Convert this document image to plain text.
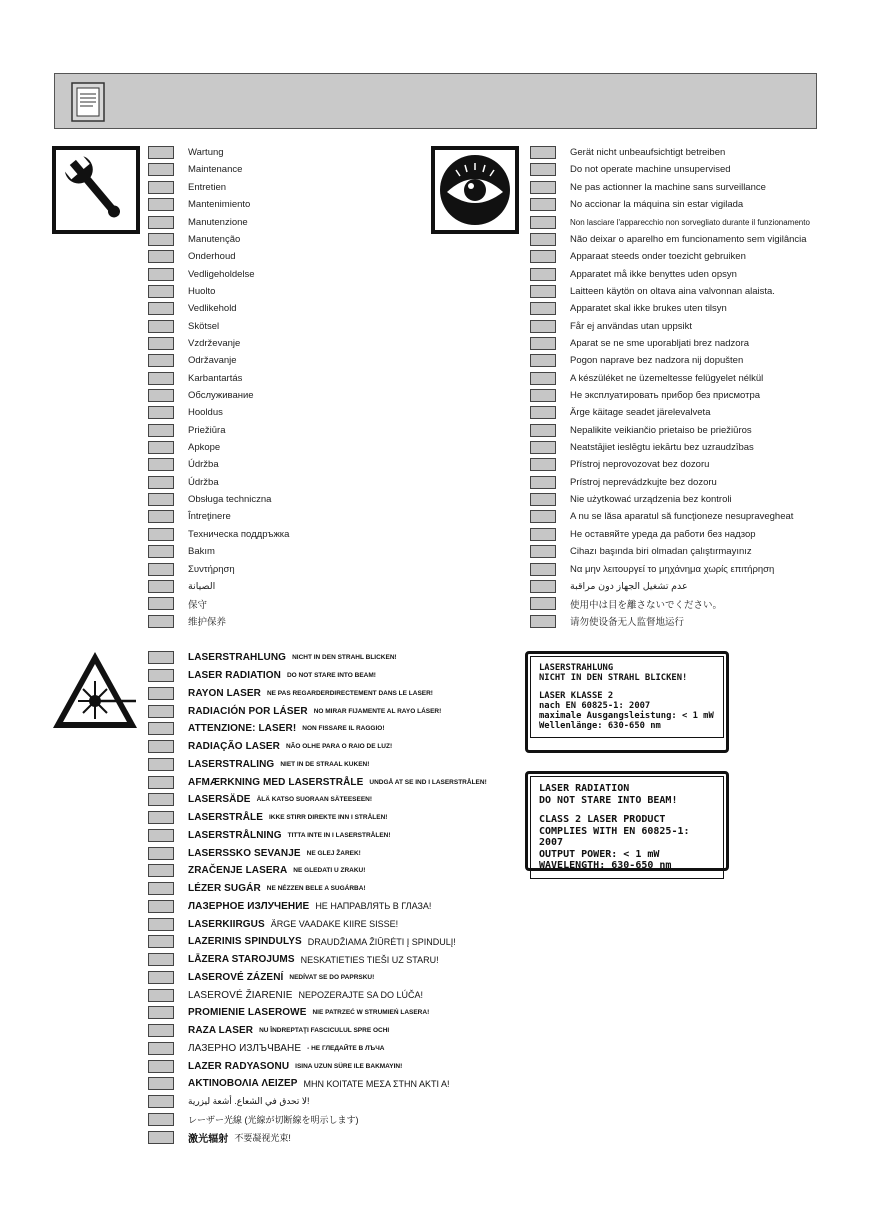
Wartung
Maintenance
Entretien
Mantenimiento
Manutenzione
Manutenção
Onderhoud
Vedligeholdelse
Huolto
Vedlikehold
Skötsel
Vzdrževanje
Održavanje
Karbantartás
Обслуживание
Hooldus
Priežiūra
Apkope
Údržba
Údržba
Obsługa techniczna
Întreţinere
Техническа поддръжка
Bakım
Συντήρηση
الصيانة
保守
维护保养
Gerät nicht unbeaufsichtigt betreiben
Do not operate machine unsupervised
Ne pas actionner la machine sans surveillance
No accionar la máquina sin estar vigilada
Non lasciare l'apparecchio non sorvegliato durante il funzionamento
Não deixar o aparelho em funcionamento sem vigilância
Apparaat steeds onder toezicht gebruiken
Apparatet må ikke benyttes uden opsyn
Laitteen käytön on oltava aina valvonnan alaista.
Apparatet skal ikke brukes uten tilsyn
Får ej användas utan uppsikt
Aparat se ne sme uporabljati brez nadzora
Pogon naprave bez nadzora nij dopušten
A készüléket ne üzemeltesse felügyelet nélkül
Не эксплуатировать прибор без присмотра
Ärge käitage seadet järelevalveta
Nepalikite veikiančio prietaiso be priežiūros
Neatstājiet ieslēgtu iekārtu bez uzraudzības
Přístroj neprovozovat bez dozoru
Prístroj neprevádzkujte bez dozoru
Nie użytkować urządzenia bez kontroli
A nu se lăsa aparatul să funcţioneze nesupravegheat
Не оставяйте уреда да работи без надзор
Cihazı başında biri olmadan çalıştırmayınız
Να μην λειτουργεί το μηχάνημα χωρίς επιτήρηση
عدم تشغيل الجهاز دون مراقبة
使用中は目を離さないでください。
请勿使设备无人监督地运行
LASERSTRAHLUNG NICHT IN DEN STRAHL BLICKEN!
LASER RADIATION DO NOT STARE INTO BEAM!
RAYON LASER NE PAS REGARDERDIRECTEMENT DANS LE LASER!
RADIACIÓN POR LÁSER NO MIRAR FIJAMENTE AL RAYO LÁSER!
ATTENZIONE: LASER! NON FISSARE IL RAGGIO!
RADIAÇÃO LASER NÃO OLHE PARA O RAIO DE LUZ!
LASERSTRALING NIET IN DE STRAAL KUKEN!
AFMÆRKNING MED LASERSTRÅLE UNDGÅ AT SE IND I LASERSTRÅLEN!
LASERSÄDE ÄLÄ KATSO SUORAAN SÄTEESEEN!
LASERSTRÅLE IKKE STIRR DIREKTE INN I STRÅLEN!
LASERSTRÅLNING TITTA INTE IN I LASERSTRÅLEN!
LASERSSKO SEVANJE NE GLEJ ŽAREK!
ZRAČENJE LASERA NE GLEDATI U ZRAKU!
LÉZER SUGÁR NE NÉZZEN BELE A SUGÁRBA!
ЛАЗЕРНОЕ ИЗЛУЧЕНИЕ НЕ НАПРАВЛЯТЬ В ГЛАЗА!
LASERKIIRGUS ÄRGE VAADAKE KIIRE SISSE!
LAZERINIS SPINDULYS DRAUDŽIAMA ŽIŪRĖTI Į SPINDULĮ!
LĀZERA STAROJUMS NESKATIETIES TIEŠI UZ STARU!
LASEROVÉ ZÁZENÍ NEDÍVAT SE DO PAPRSKU!
LASEROVÉ ŽIARENIE NEPOZERAJTE SA DO LÚČA!
PROMIENIE LASEROWE NIE PATRZEĆ W STRUMIEŃ LASERA!
RAZA LASER NU ÎNDREPTAŢI FASCICULUL SPRE OCHI
ЛАЗЕРНО ИЗЛЪЧВАНЕ - НЕ ГЛЕДАЙТЕ В ЛЪЧА
LAZER RADYASONU ISINA UZUN SÜRE ILE BAKMAYIN!
ΑΚΤΙΝΟΒΟΛΙΑ ΛΕΙΖΕΡ ΜΗΝ ΚΟΙΤΑΤΕ ΜΕΣΑ ΣΤΗΝ ΑΚΤΙ Α!
لا تحدق في الشعاع. أشعة ليزرية!
レーザー光線 (光線が切断線を明示します)
激光辐射 不要凝视光束!
LASERSTRAHLUNG
NICHT IN DEN STRAHL BLICKEN!
LASER KLASSE 2
nach EN 60825-1: 2007
maximale Ausgangsleistung: < 1 mW
Wellenlänge: 630-650 nm
LASER RADIATION
DO NOT STARE INTO BEAM!
CLASS 2 LASER PRODUCT
COMPLIES WITH EN 60825-1: 2007
OUTPUT POWER: < 1 mW
WAVELENGTH: 630-650 nm
